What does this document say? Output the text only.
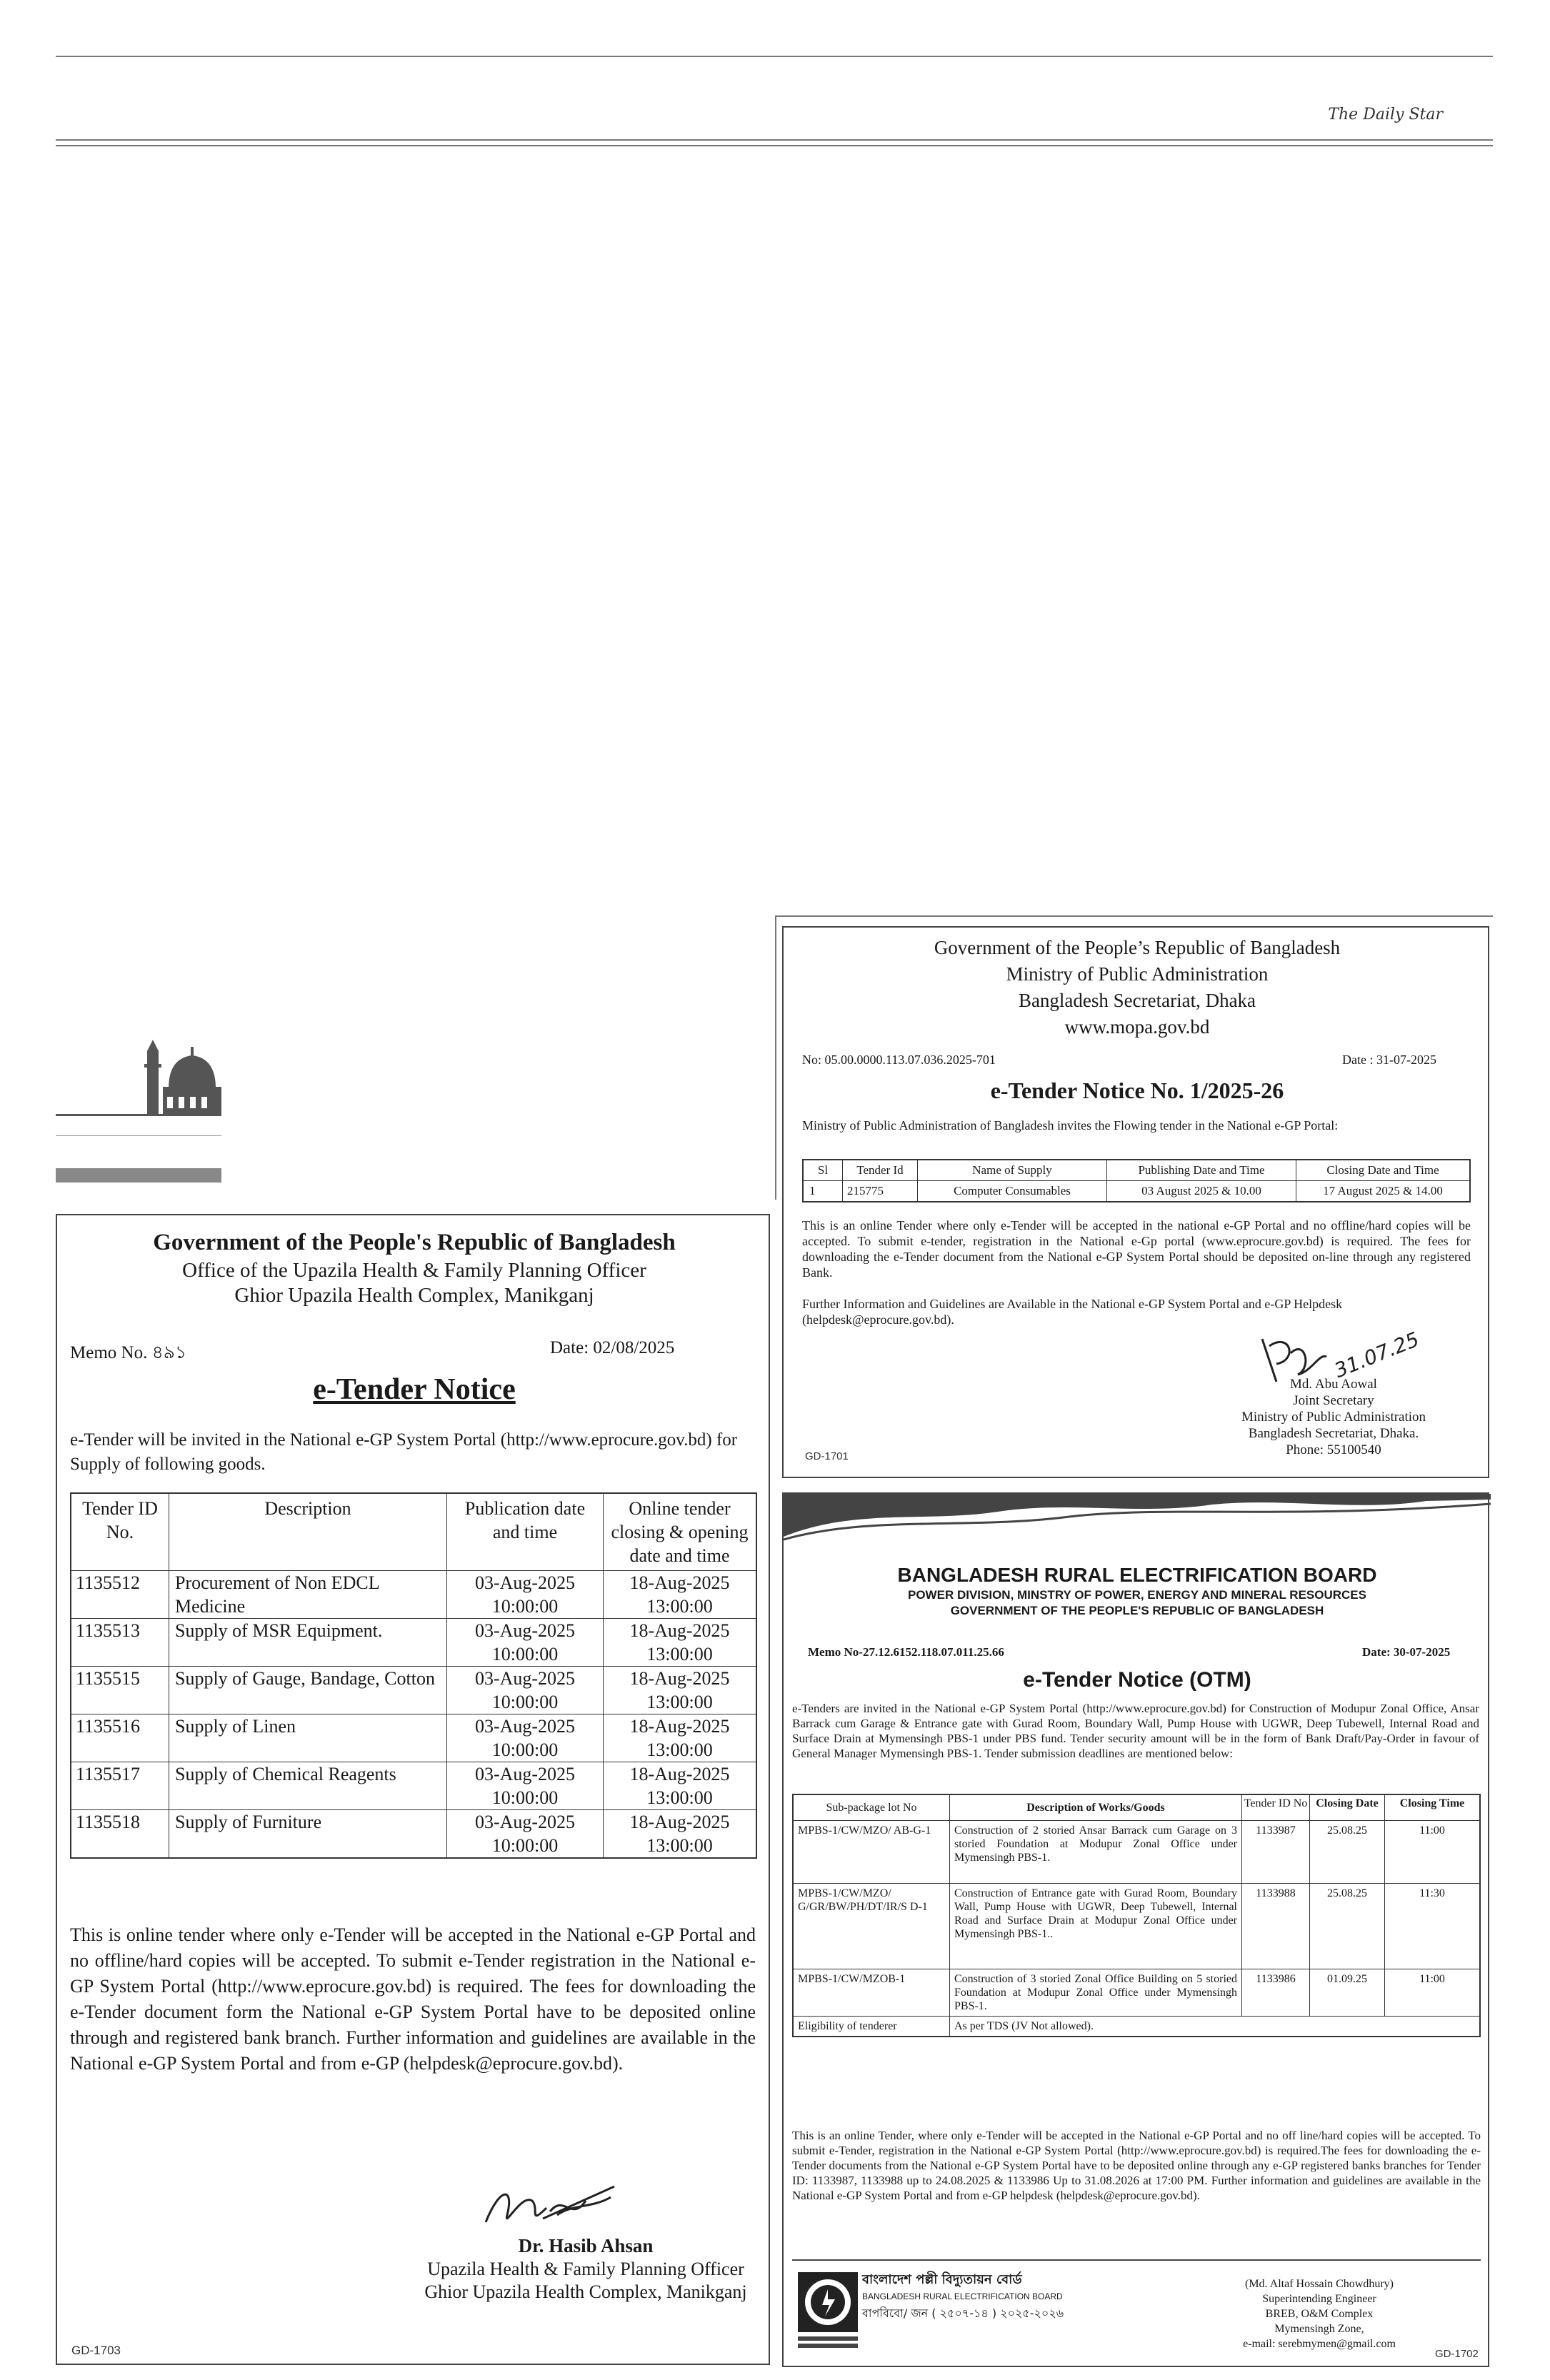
The Daily Star
Government of the People's Republic of Bangladesh
Office of the Upazila Health & Family Planning Officer
Ghior Upazila Health Complex, Manikganj
Memo No. ৪৯১	Date: 02/08/2025
e-Tender Notice
e-Tender will be invited in the National e-GP System Portal (http://www.eprocure.gov.bd) for Supply of following goods.
Tender ID No.	Description	Publication date and time	Online tender closing & opening date and time
1135512	Procurement of Non EDCL Medicine	03-Aug-2025 10:00:00	18-Aug-2025 13:00:00
1135513	Supply of MSR Equipment.	03-Aug-2025 10:00:00	18-Aug-2025 13:00:00
1135515	Supply of Gauge, Bandage, Cotton	03-Aug-2025 10:00:00	18-Aug-2025 13:00:00
1135516	Supply of Linen	03-Aug-2025 10:00:00	18-Aug-2025 13:00:00
1135517	Supply of Chemical Reagents	03-Aug-2025 10:00:00	18-Aug-2025 13:00:00
1135518	Supply of Furniture	03-Aug-2025 10:00:00	18-Aug-2025 13:00:00
This is online tender where only e-Tender will be accepted in the National e-GP Portal and no offline/hard copies will be accepted. To submit e-Tender registration in the National e-GP System Portal (http://www.eprocure.gov.bd) is required. The fees for downloading the e-Tender document form the National e-GP System Portal have to be deposited online through and registered bank branch. Further information and guidelines are available in the National e-GP System Portal and from e-GP (helpdesk@eprocure.gov.bd).
Dr. Hasib Ahsan
Upazila Health & Family Planning Officer
Ghior Upazila Health Complex, Manikganj
GD-1703
Government of the People’s Republic of Bangladesh
Ministry of Public Administration
Bangladesh Secretariat, Dhaka
www.mopa.gov.bd
No: 05.00.0000.113.07.036.2025-701	Date : 31-07-2025
e-Tender Notice No. 1/2025-26
Ministry of Public Administration of Bangladesh invites the Flowing tender in the National e-GP Portal:
Sl	Tender Id	Name of Supply	Publishing Date and Time	Closing Date and Time
1	215775	Computer Consumables	03 August 2025 & 10.00	17 August 2025 & 14.00
This is an online Tender where only e-Tender will be accepted in the national e-GP Portal and no offline/hard copies will be accepted. To submit e-tender, registration in the National e-Gp portal (www.eprocure.gov.bd) is required. The fees for downloading the e-Tender document from the National e-GP System Portal should be deposited on-line through any registered Bank.
Further Information and Guidelines are Available in the National e-GP System Portal and e-GP Helpdesk (helpdesk@eprocure.gov.bd).
31.07.25
Md. Abu Aowal
Joint Secretary
Ministry of Public Administration
Bangladesh Secretariat, Dhaka.
Phone: 55100540
GD-1701
BANGLADESH RURAL ELECTRIFICATION BOARD
POWER DIVISION, MINSTRY OF POWER, ENERGY AND MINERAL RESOURCES
GOVERNMENT OF THE PEOPLE'S REPUBLIC OF BANGLADESH
Memo No-27.12.6152.118.07.011.25.66	Date: 30-07-2025
e-Tender Notice (OTM)
e-Tenders are invited in the National e-GP System Portal (http://www.eprocure.gov.bd) for Construction of Modupur Zonal Office, Ansar Barrack cum Garage & Entrance gate with Gurad Room, Boundary Wall, Pump House with UGWR, Deep Tubewell, Internal Road and Surface Drain at Mymensingh PBS-1 under PBS fund. Tender security amount will be in the form of Bank Draft/Pay-Order in favour of General Manager Mymensingh PBS-1. Tender submission deadlines are mentioned below:
Sub-package lot No	Description of Works/Goods	Tender ID No	Closing Date	Closing Time
MPBS-1/CW/MZO/ AB-G-1	Construction of 2 storied Ansar Barrack cum Garage on 3 storied Foundation at Modupur Zonal Office under Mymensingh PBS-1.	1133987	25.08.25	11:00
MPBS-1/CW/MZO/ G/GR/BW/PH/DT/IR/S D-1	Construction of Entrance gate with Gurad Room, Boundary Wall, Pump House with UGWR, Deep Tubewell, Internal Road and Surface Drain at Modupur Zonal Office under Mymensingh PBS-1..	1133988	25.08.25	11:30
MPBS-1/CW/MZOB-1	Construction of 3 storied Zonal Office Building on 5 storied Foundation at Modupur Zonal Office under Mymensingh PBS-1.	1133986	01.09.25	11:00
Eligibility of tenderer	As per TDS (JV Not allowed).			
This is an online Tender, where only e-Tender will be accepted in the National e-GP Portal and no off line/hard copies will be accepted. To submit e-Tender, registration in the National e-GP System Portal (http://www.eprocure.gov.bd) is required.The fees for downloading the e-Tender documents from the National e-GP System Portal have to be deposited online through any e-GP registered banks branches for Tender ID: 1133987, 1133988 up to 24.08.2025 & 1133986 Up to 31.08.2026 at 17:00 PM. Further information and guidelines are available in the National e-GP System Portal and from e-GP helpdesk (helpdesk@eprocure.gov.bd).
বাংলাদেশ পল্লী বিদ্যুতায়ন বোর্ড
BANGLADESH RURAL ELECTRIFICATION BOARD
বাপবিবো/ জন ( ২৫০৭-১৪ ) ২০২৫-২০২৬
(Md. Altaf Hossain Chowdhury)
Superintending Engineer
BREB, O&M Complex
Mymensingh Zone,
e-mail: serebmymen@gmail.com
GD-1702
